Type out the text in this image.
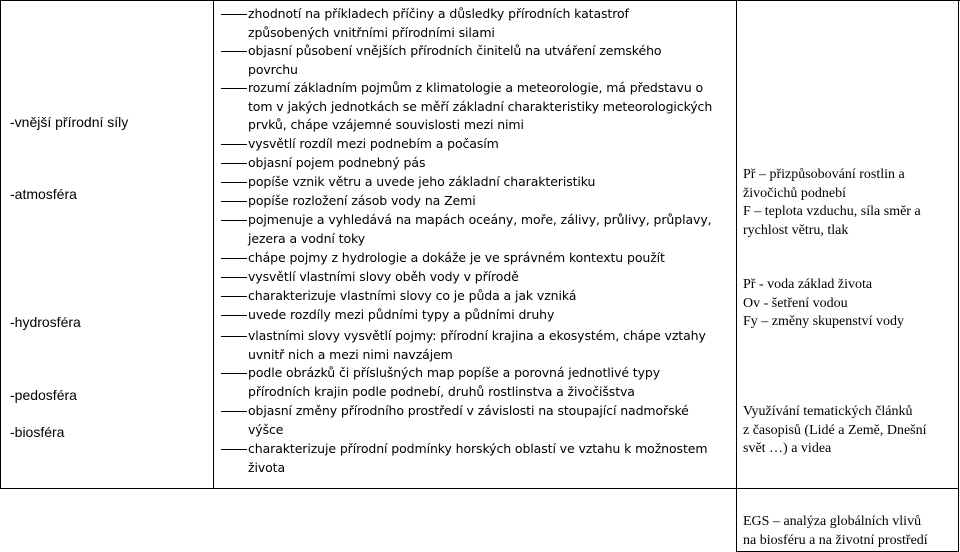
-vnější přírodní síly
-atmosféra
-hydrosféra
-pedosféra
-biosféra
zhodnotí na příkladech příčiny a důsledky přírodních katastrof
způsobených vnitřními přírodními silami
objasní působení vnějších přírodních činitelů na utváření zemského
povrchu
rozumí základním pojmům z klimatologie a meteorologie, má představu o
tom v jakých jednotkách se měří základní charakteristiky meteorologických
prvků, chápe vzájemné souvislosti mezi nimi
vysvětlí rozdíl mezi podnebím a počasím
objasní pojem podnebný pás
popíše vznik větru a uvede jeho základní charakteristiku
popíše rozložení zásob vody na Zemi
pojmenuje a vyhledává na mapách oceány, moře, zálivy, průlivy, průplavy,
jezera a vodní toky
chápe pojmy z hydrologie a dokáže je ve správném kontextu použít
vysvětlí vlastními slovy oběh vody v přírodě
charakterizuje vlastními slovy co je půda a jak vzniká
uvede rozdíly mezi půdními typy a půdními druhy
vlastními slovy vysvětlí pojmy: přírodní krajina a ekosystém, chápe vztahy
uvnitř nich a mezi nimi navzájem
podle obrázků či příslušných map popíše a porovná jednotlivé typy
přírodních krajin podle podnebí, druhů rostlinstva a živočišstva
objasní změny přírodního prostředí v závislosti na stoupající nadmořské
výšce
charakterizuje přírodní podmínky horských oblastí ve vztahu k možnostem
života
Př – přizpůsobování rostlin a
živočichů podnebí
F – teplota vzduchu, síla směr a
rychlost větru, tlak
Př - voda základ života
Ov - šetření vodou
Fy – změny skupenství vody
Využívání tematických článků
z časopisů (Lidé a Země, Dnešní
svět …) a videa
EGS – analýza globálních vlivů
na biosféru a na životní prostředí
